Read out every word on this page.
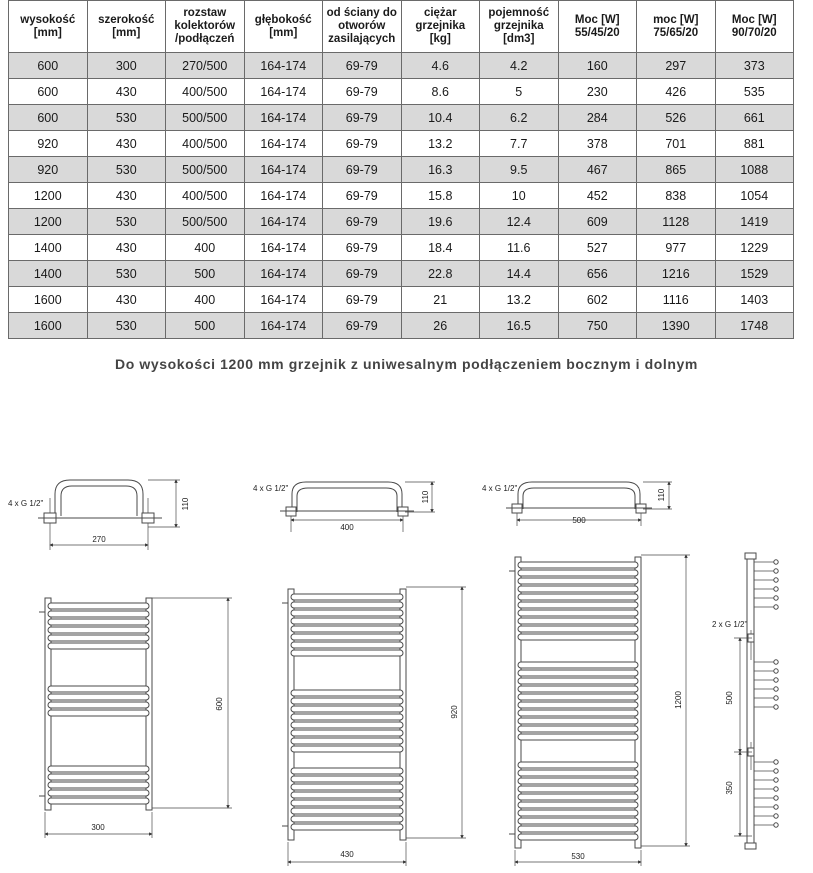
wysokość
[mm]	szerokość
[mm]	rozstaw
kolektorów
/podłączeń	głębokość
[mm]	od ściany do
otworów
zasilających	ciężar
grzejnika
[kg]	pojemność
grzejnika
[dm3]	Moc [W]
55/45/20	moc [W]
75/65/20	Moc [W]
90/70/20
600	300	270/500	164-174	69-79	4.6	4.2	160	297	373
600	430	400/500	164-174	69-79	8.6	5	230	426	535
600	530	500/500	164-174	69-79	10.4	6.2	284	526	661
920	430	400/500	164-174	69-79	13.2	7.7	378	701	881
920	530	500/500	164-174	69-79	16.3	9.5	467	865	1088
1200	430	400/500	164-174	69-79	15.8	10	452	838	1054
1200	530	500/500	164-174	69-79	19.6	12.4	609	1128	1419
1400	430	400	164-174	69-79	18.4	11.6	527	977	1229
1400	530	500	164-174	69-79	22.8	14.4	656	1216	1529
1600	430	400	164-174	69-79	21	13.2	602	1116	1403
1600	530	500	164-174	69-79	26	16.5	750	1390	1748
Do wysokości 1200 mm grzejnik z uniwesalnym podłączeniem bocznym i dolnym
110
4 x G 1/2"
270
110
4 x G 1/2"
400
110
4 x G 1/2"
500
600
300
920
430
1200
530
2 x G 1/2"
500
350
